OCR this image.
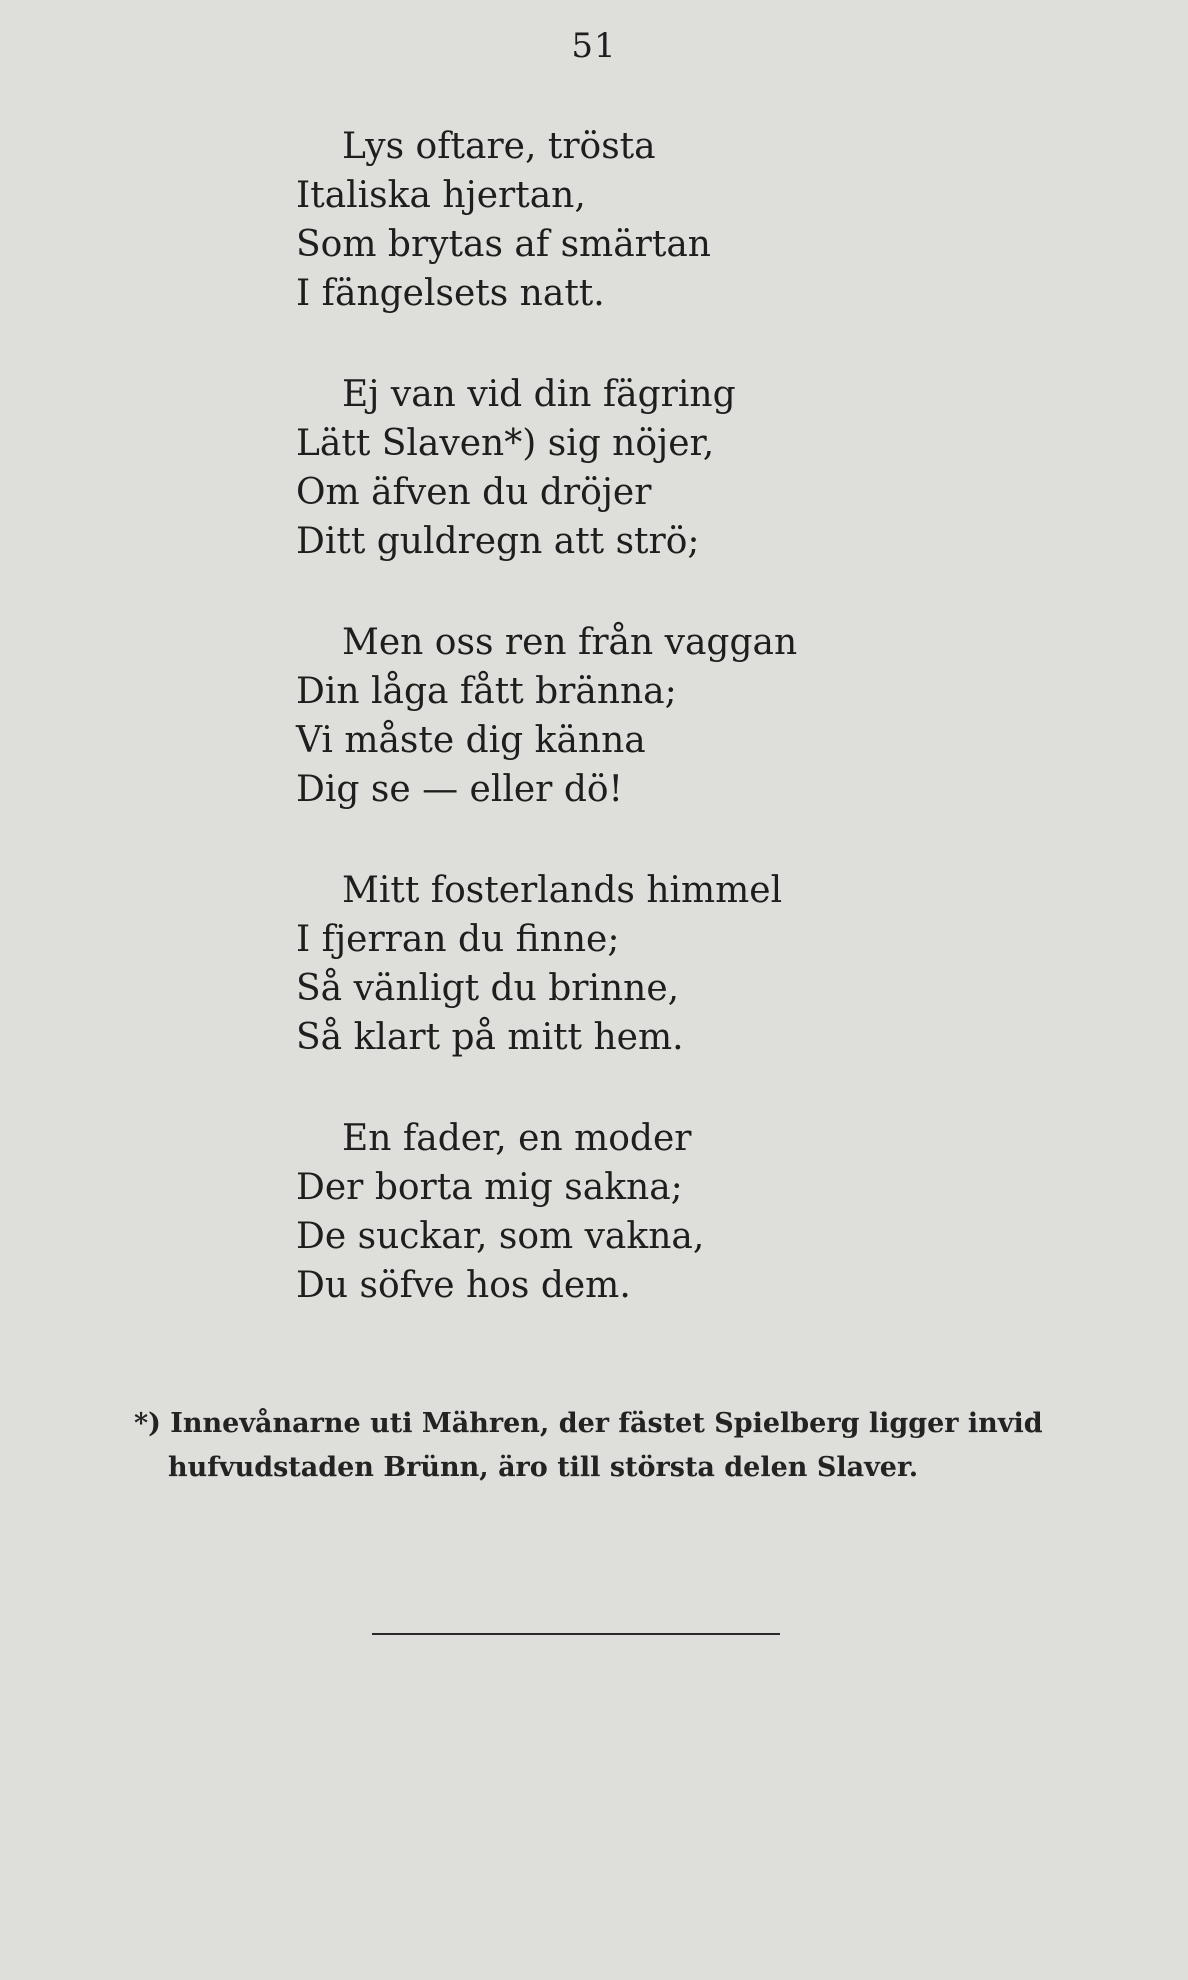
51
Lys oftare, trösta
Italiska hjertan,
Som brytas af smärtan
I fängelsets natt.
Ej van vid din fägring
Lätt Slaven*) sig nöjer,
Om äfven du dröjer
Ditt guldregn att strö;
Men oss ren från vaggan
Din låga fått bränna;
Vi måste dig känna
Dig se — eller dö!
Mitt fosterlands himmel
I fjerran du finne;
Så vänligt du brinne,
Så klart på mitt hem.
En fader, en moder
Der borta mig sakna;
De suckar, som vakna,
Du söfve hos dem.
*) Innevånarne uti Mähren, der fästet Spielberg ligger invid
hufvudstaden Brünn, äro till största delen Slaver.
